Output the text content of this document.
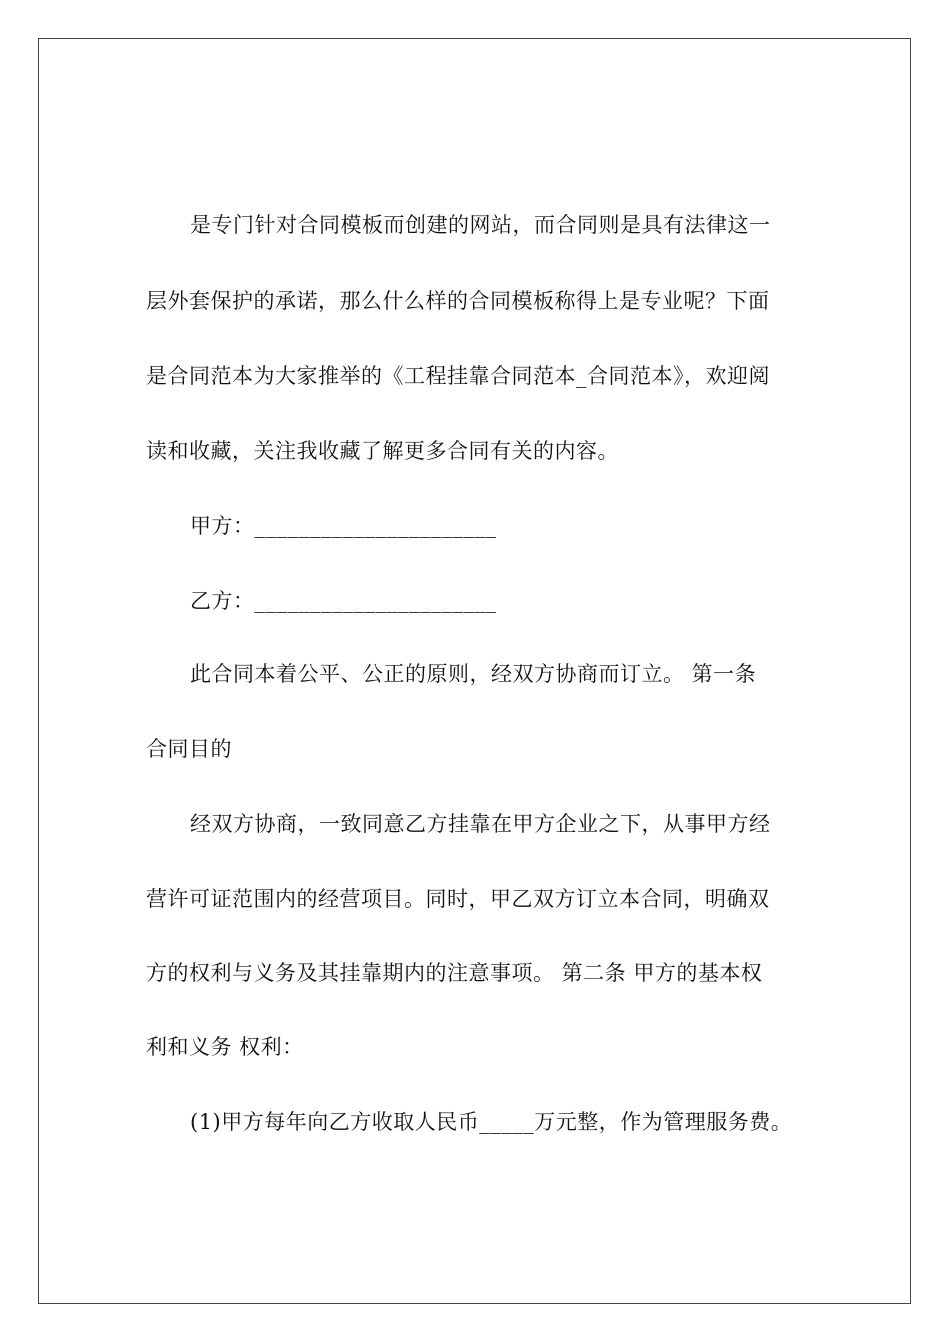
是专门针对合同模板而创建的网站，而合同则是具有法律这一
层外套保护的承诺，那么什么样的合同模板称得上是专业呢？下面
是合同范本为大家推举的《工程挂靠合同范本_合同范本》，欢迎阅
读和收藏，关注我收藏了解更多合同有关的内容。
甲方：______________________
乙方：______________________
此合同本着公平、公正的原则，经双方协商而订立。 第一条
合同目的
经双方协商，一致同意乙方挂靠在甲方企业之下，从事甲方经
营许可证范围内的经营项目。同时，甲乙双方订立本合同，明确双
方的权利与义务及其挂靠期内的注意事项。 第二条 甲方的基本权
利和义务 权利：
(1)甲方每年向乙方收取人民币_____万元整，作为管理服务费。
